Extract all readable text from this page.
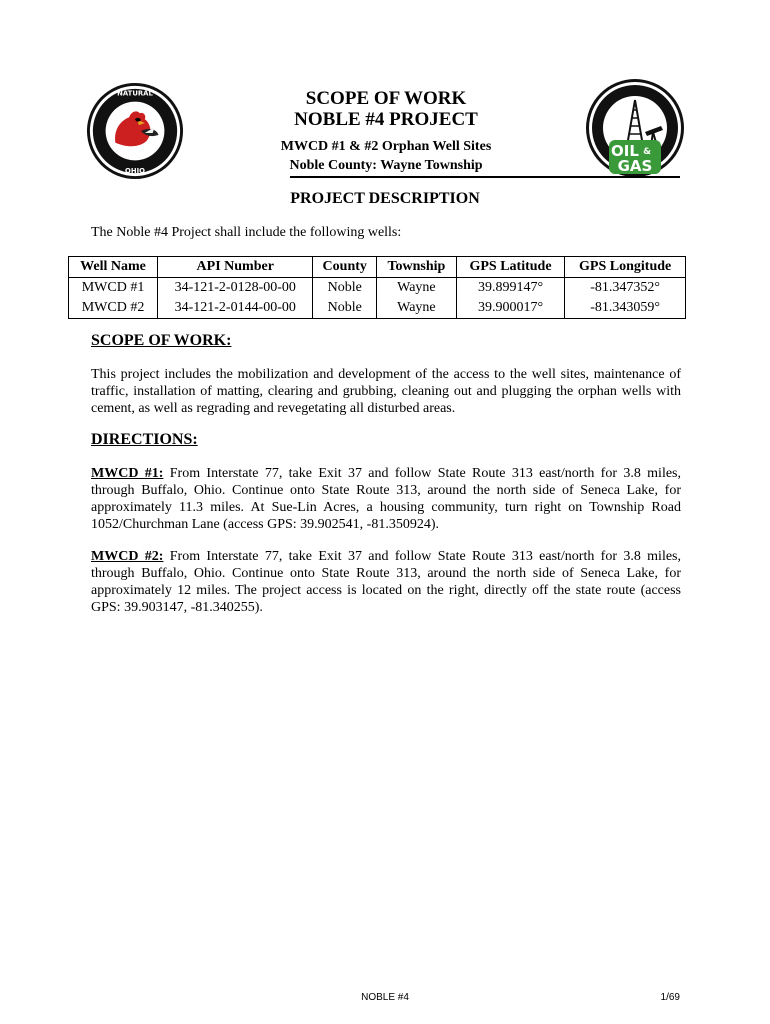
NATURAL
OHIO
OIL &
GAS
SCOPE OF WORK
NOBLE #4 PROJECT
MWCD #1 & #2 Orphan Well Sites
Noble County: Wayne Township
PROJECT DESCRIPTION
The Noble #4 Project shall include the following wells:
Well Name	API Number	County	Township	GPS Latitude	GPS Longitude
MWCD #1	34-121-2-0128-00-00	Noble	Wayne	39.899147°	-81.347352°
MWCD #2	34-121-2-0144-00-00	Noble	Wayne	39.900017°	-81.343059°
SCOPE OF WORK:
This project includes the mobilization and development of the access to the well sites, maintenance of traffic, installation of matting, clearing and grubbing, cleaning out and plugging the orphan wells with cement, as well as regrading and revegetating all disturbed areas.
DIRECTIONS:
MWCD #1: From Interstate 77, take Exit 37 and follow State Route 313 east/north for 3.8 miles, through Buffalo, Ohio. Continue onto State Route 313, around the north side of Seneca Lake, for approximately 11.3 miles. At Sue-Lin Acres, a housing community, turn right on Township Road 1052/Churchman Lane (access GPS: 39.902541, -81.350924).
MWCD #2: From Interstate 77, take Exit 37 and follow State Route 313 east/north for 3.8 miles, through Buffalo, Ohio. Continue onto State Route 313, around the north side of Seneca Lake, for approximately 12 miles. The project access is located on the right, directly off the state route (access GPS: 39.903147, -81.340255).
NOBLE #4	1/69
